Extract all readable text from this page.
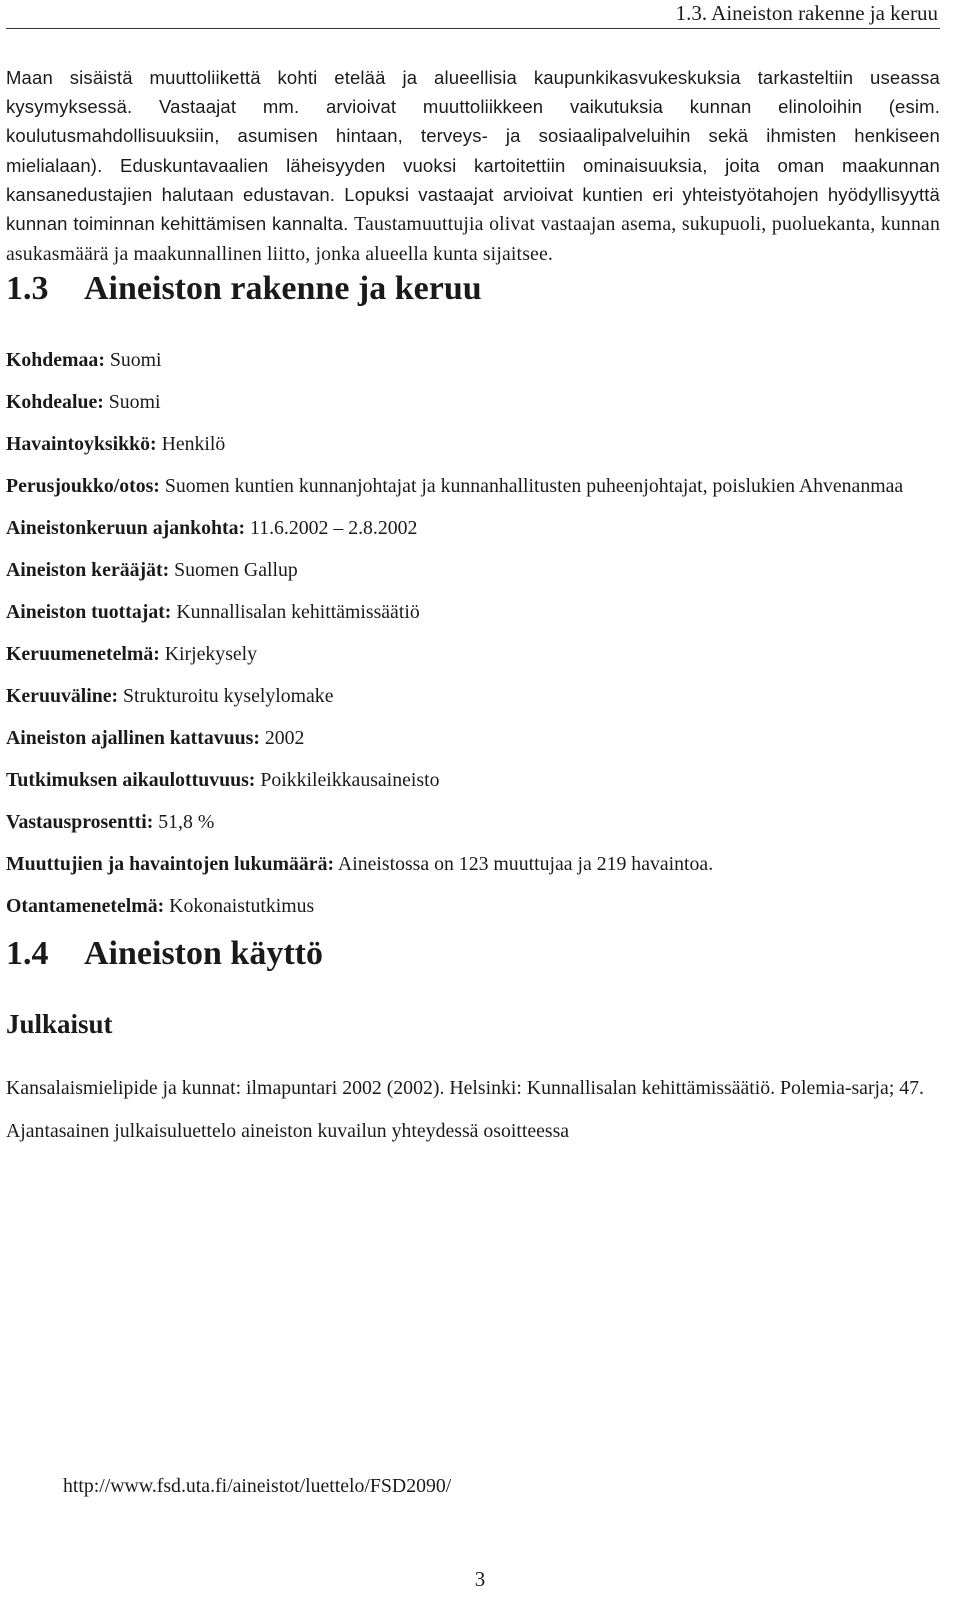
1.3. Aineiston rakenne ja keruu

Maan sisäistä muuttoliikettä kohti etelää ja alueellisia kaupunkikasvukeskuksia tarkasteltiin useassa kysymyksessä. Vastaajat mm. arvioivat muuttoliikkeen vaikutuksia kunnan elinoloihin (esim. koulutusmahdollisuuksiin, asumisen hintaan, terveys- ja sosiaalipalveluihin sekä ihmisten henkiseen mielialaan). Eduskuntavaalien läheisyyden vuoksi kartoitettiin ominaisuuksia, joita oman maakunnan kansanedustajien halutaan edustavan. Lopuksi vastaajat arvioivat kuntien eri yhteistyötahojen hyödyllisyyttä kunnan toiminnan kehittämisen kannalta. Taustamuuttujia olivat vastaajan asema, sukupuoli, puoluekanta, kunnan asukasmäärä ja maakunnallinen liitto, jonka alueella kunta sijaitsee.

1.3 Aineiston rakenne ja keruu

Kohdemaa: Suomi

Kohdealue: Suomi

Havaintoyksikkö: Henkilö

Perusjoukko/otos: Suomen kuntien kunnanjohtajat ja kunnanhallitusten puheenjohtajat, poislukien Ahvenanmaa

Aineistonkeruun ajankohta: 11.6.2002 – 2.8.2002

Aineiston kerääjät: Suomen Gallup

Aineiston tuottajat: Kunnallisalan kehittämissäätiö

Keruumenetelmä: Kirjekysely

Keruuväline: Strukturoitu kyselylomake

Aineiston ajallinen kattavuus: 2002

Tutkimuksen aikaulottuvuus: Poikkileikkausaineisto

Vastausprosentti: 51,8 %

Muuttujien ja havaintojen lukumäärä: Aineistossa on 123 muuttujaa ja 219 havaintoa.

Otantamenetelmä: Kokonaistutkimus

1.4 Aineiston käyttö
Julkaisut

Kansalaismielipide ja kunnat: ilmapuntari 2002 (2002). Helsinki: Kunnallisalan kehittämissäätiö. Polemia-sarja; 47.

Ajantasainen julkaisuluettelo aineiston kuvailun yhteydessä osoitteessa

http://www.fsd.uta.fi/aineistot/luettelo/FSD2090/
3
